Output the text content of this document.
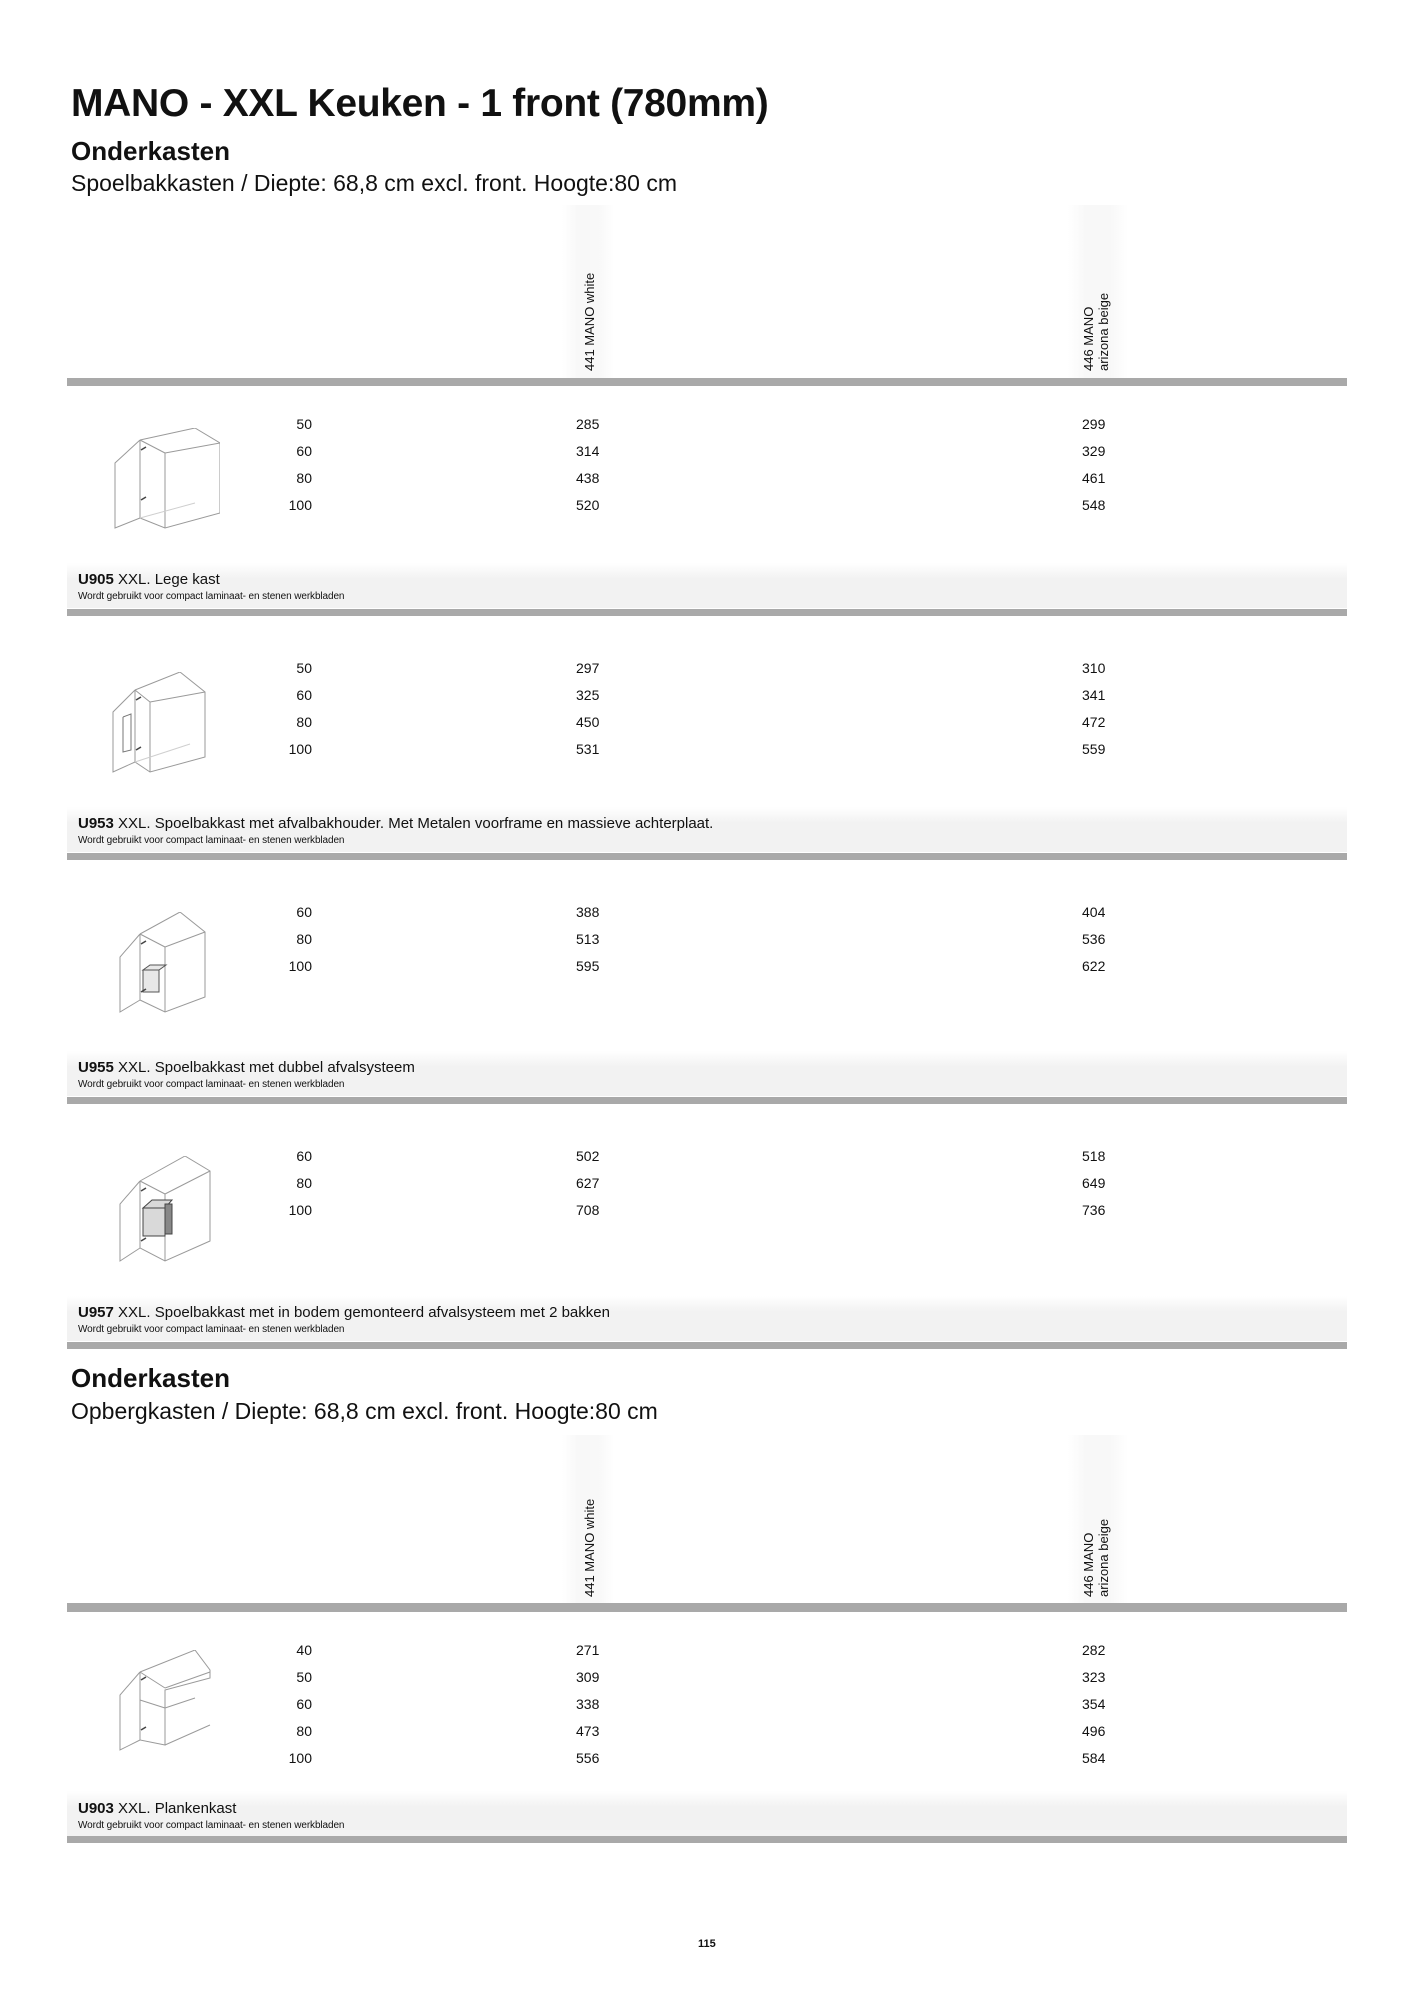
MANO - XXL Keuken - 1 front (780mm)
Onderkasten
Spoelbakkasten / Diepte: 68,8 cm excl. front. Hoogte:80 cm
441 MANO white	446 MANO arizona beige
50	285	299
60	314	329
80	438	461
100	520	548
U905 XXL. Lege kast
Wordt gebruikt voor compact laminaat- en stenen werkbladen
50	297	310
60	325	341
80	450	472
100	531	559
U953 XXL. Spoelbakkast met afvalbakhouder. Met Metalen voorframe en massieve achterplaat.
Wordt gebruikt voor compact laminaat- en stenen werkbladen
60	388	404
80	513	536
100	595	622
U955 XXL. Spoelbakkast met dubbel afvalsysteem
Wordt gebruikt voor compact laminaat- en stenen werkbladen
60	502	518
80	627	649
100	708	736
U957 XXL. Spoelbakkast met in bodem gemonteerd afvalsysteem met 2 bakken
Wordt gebruikt voor compact laminaat- en stenen werkbladen
Onderkasten
Opbergkasten / Diepte: 68,8 cm excl. front. Hoogte:80 cm
441 MANO white	446 MANO arizona beige
40	271	282
50	309	323
60	338	354
80	473	496
100	556	584
U903 XXL. Plankenkast
Wordt gebruikt voor compact laminaat- en stenen werkbladen
115
